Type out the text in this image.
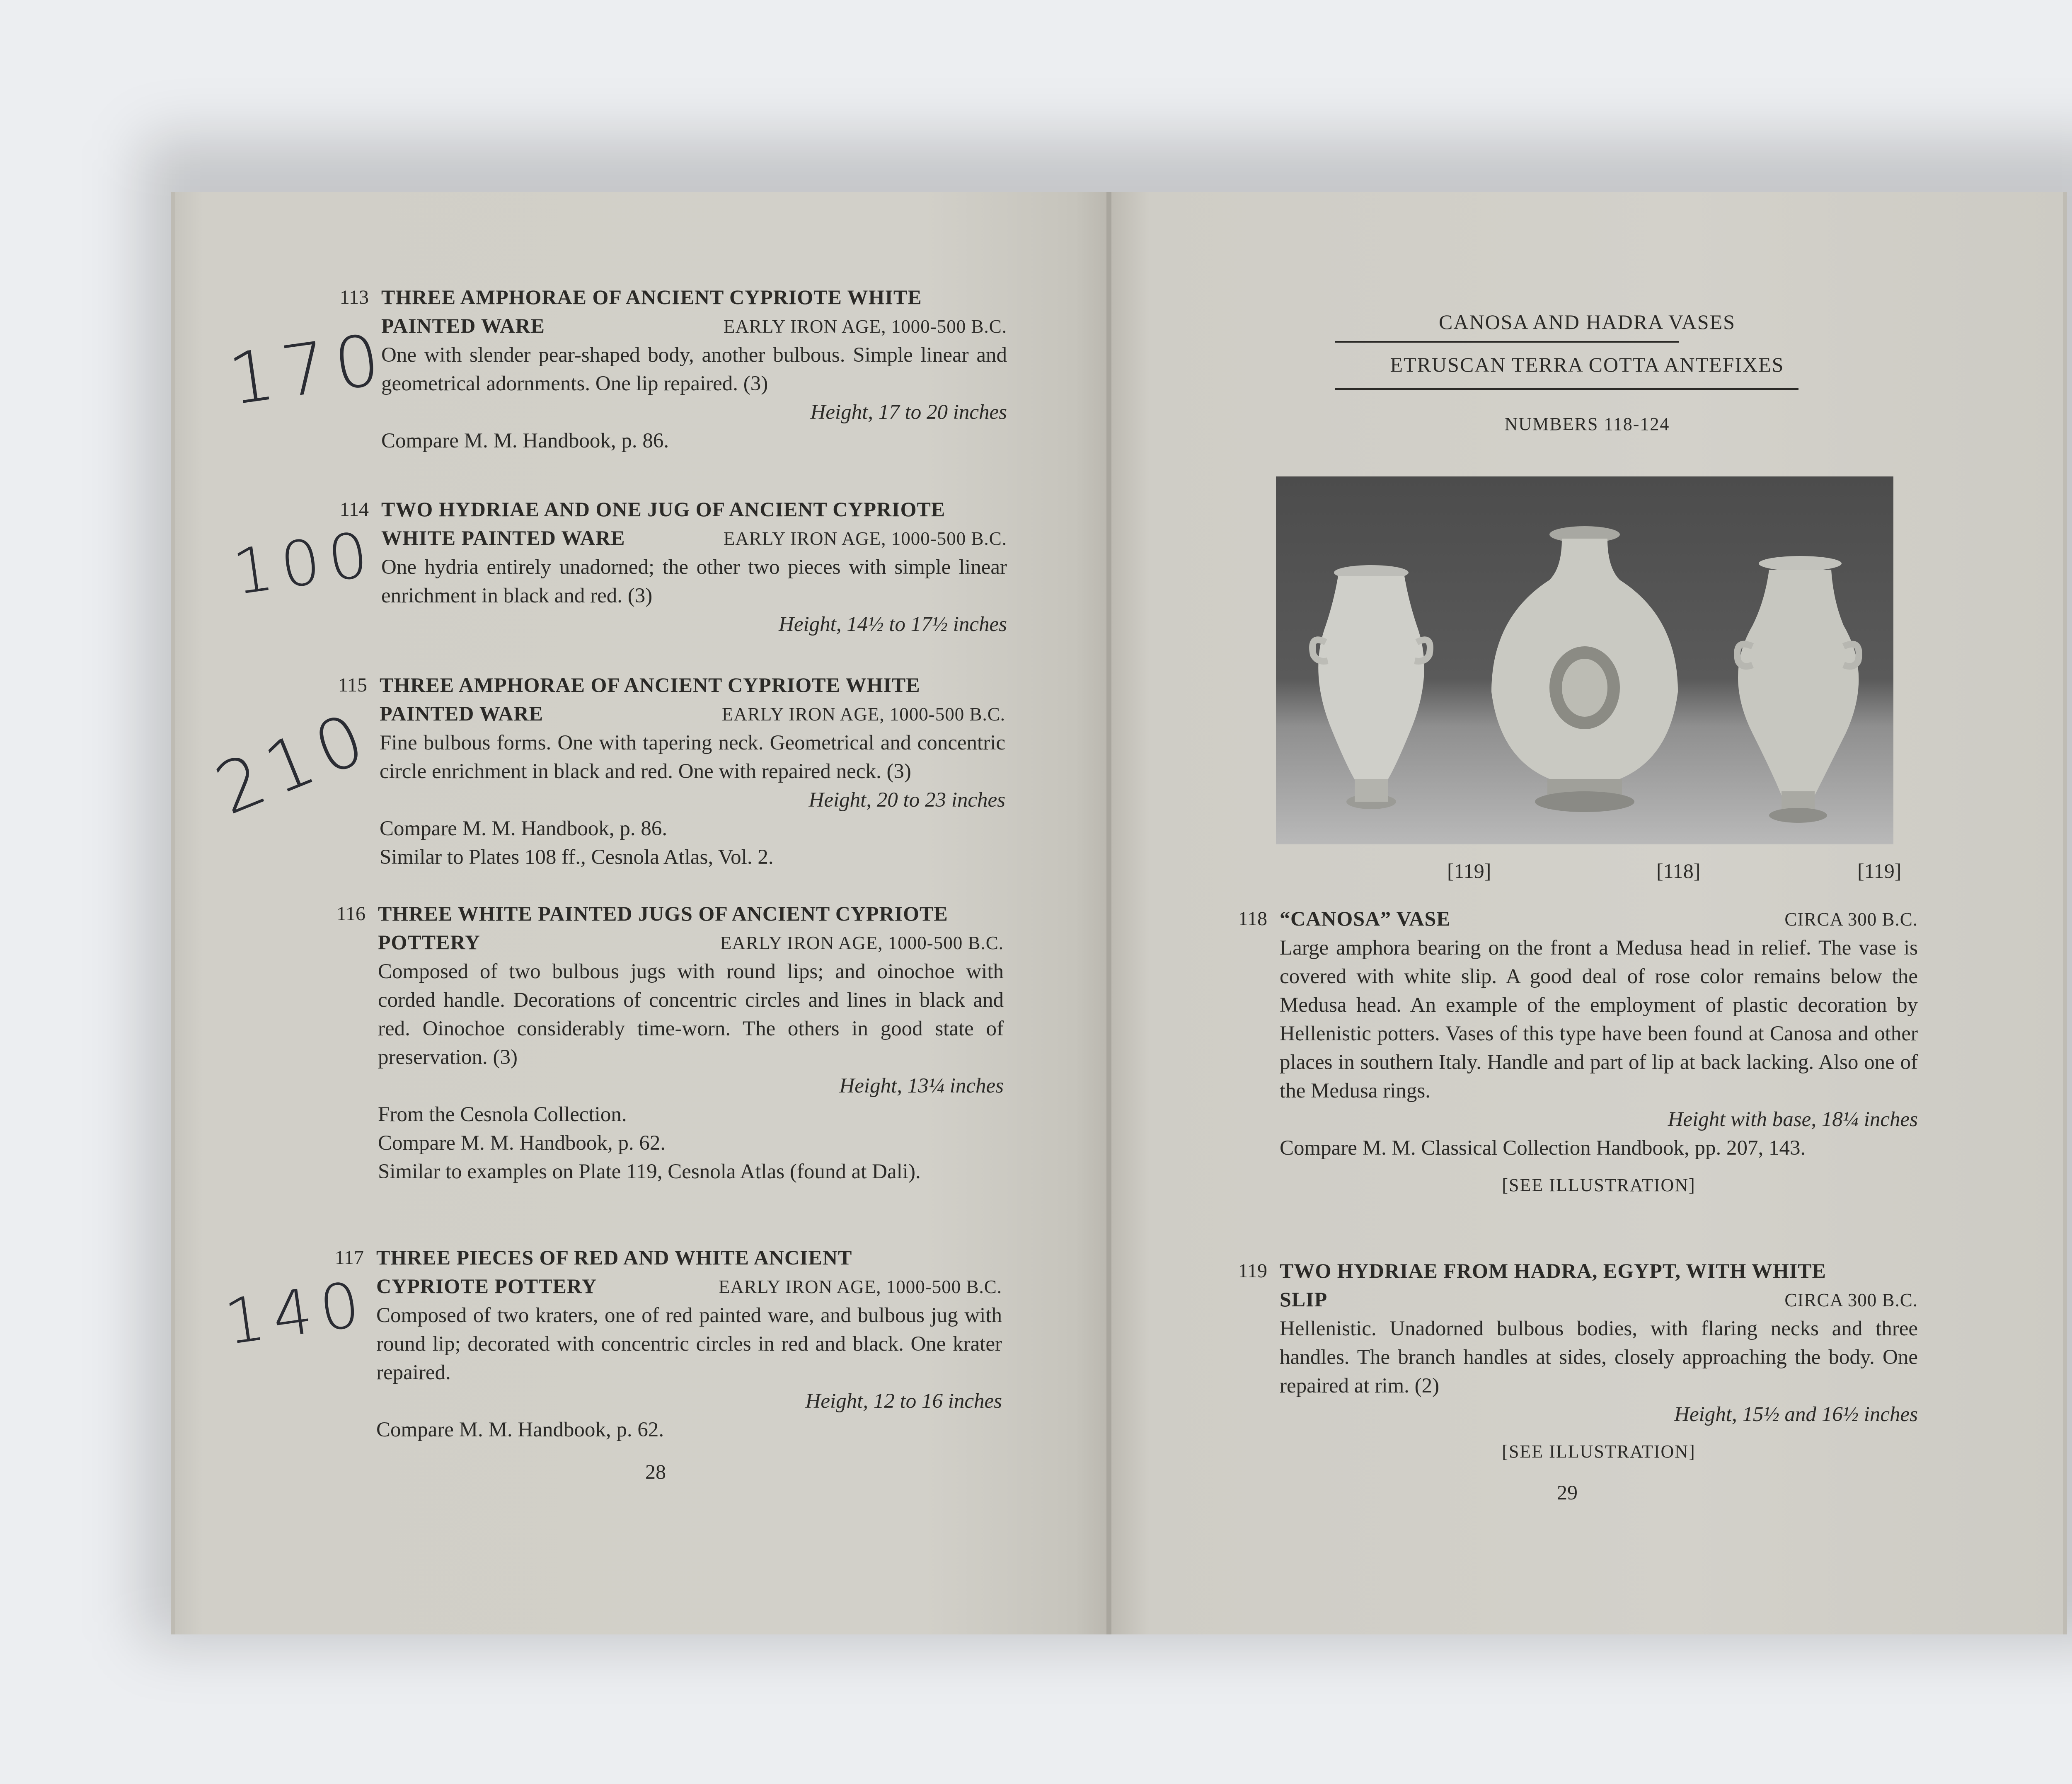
170
100
210
140
113 THREE AMPHORAE OF ANCIENT CYPRIOTE WHITE
PAINTED WARE	EARLY IRON AGE, 1000-500 B.C.
One with slender pear-shaped body, another bulbous. Simple linear and geometrical adornments. One lip repaired. (3)
Height, 17 to 20 inches
Compare M. M. Handbook, p. 86.
114 TWO HYDRIAE AND ONE JUG OF ANCIENT CYPRIOTE
WHITE PAINTED WARE	EARLY IRON AGE, 1000-500 B.C.
One hydria entirely unadorned; the other two pieces with simple linear enrichment in black and red. (3)
Height, 14½ to 17½ inches
115 THREE AMPHORAE OF ANCIENT CYPRIOTE WHITE
PAINTED WARE	EARLY IRON AGE, 1000-500 B.C.
Fine bulbous forms. One with tapering neck. Geometrical and concentric circle enrichment in black and red. One with repaired neck. (3)
Height, 20 to 23 inches
Compare M. M. Handbook, p. 86.
Similar to Plates 108 ff., Cesnola Atlas, Vol. 2.
116 THREE WHITE PAINTED JUGS OF ANCIENT CYPRIOTE
POTTERY	EARLY IRON AGE, 1000-500 B.C.
Composed of two bulbous jugs with round lips; and oinochoe with corded handle. Decorations of concentric circles and lines in black and red. Oinochoe considerably time-worn. The others in good state of preservation. (3)
Height, 13¼ inches
From the Cesnola Collection.
Compare M. M. Handbook, p. 62.
Similar to examples on Plate 119, Cesnola Atlas (found at Dali).
117 THREE PIECES OF RED AND WHITE ANCIENT
CYPRIOTE POTTERY	EARLY IRON AGE, 1000-500 B.C.
Composed of two kraters, one of red painted ware, and bulbous jug with round lip; decorated with concentric circles in red and black. One krater repaired.
Height, 12 to 16 inches
Compare M. M. Handbook, p. 62.
28
CANOSA AND HADRA VASES
ETRUSCAN TERRA COTTA ANTEFIXES
NUMBERS 118-124
[119]	[118]	[119]
118 “CANOSA” VASE	CIRCA 300 B.C.
Large amphora bearing on the front a Medusa head in relief. The vase is covered with white slip. A good deal of rose color remains below the Medusa head. An example of the employment of plastic decoration by Hellenistic potters. Vases of this type have been found at Canosa and other places in southern Italy. Handle and part of lip at back lacking. Also one of the Medusa rings.
Height with base, 18¼ inches
Compare M. M. Classical Collection Handbook, pp. 207, 143.
[SEE ILLUSTRATION]
119 TWO HYDRIAE FROM HADRA, EGYPT, WITH WHITE
SLIP	CIRCA 300 B.C.
Hellenistic. Unadorned bulbous bodies, with flaring necks and three handles. The branch handles at sides, closely approaching the body. One repaired at rim. (2)
Height, 15½ and 16½ inches
[SEE ILLUSTRATION]
29
